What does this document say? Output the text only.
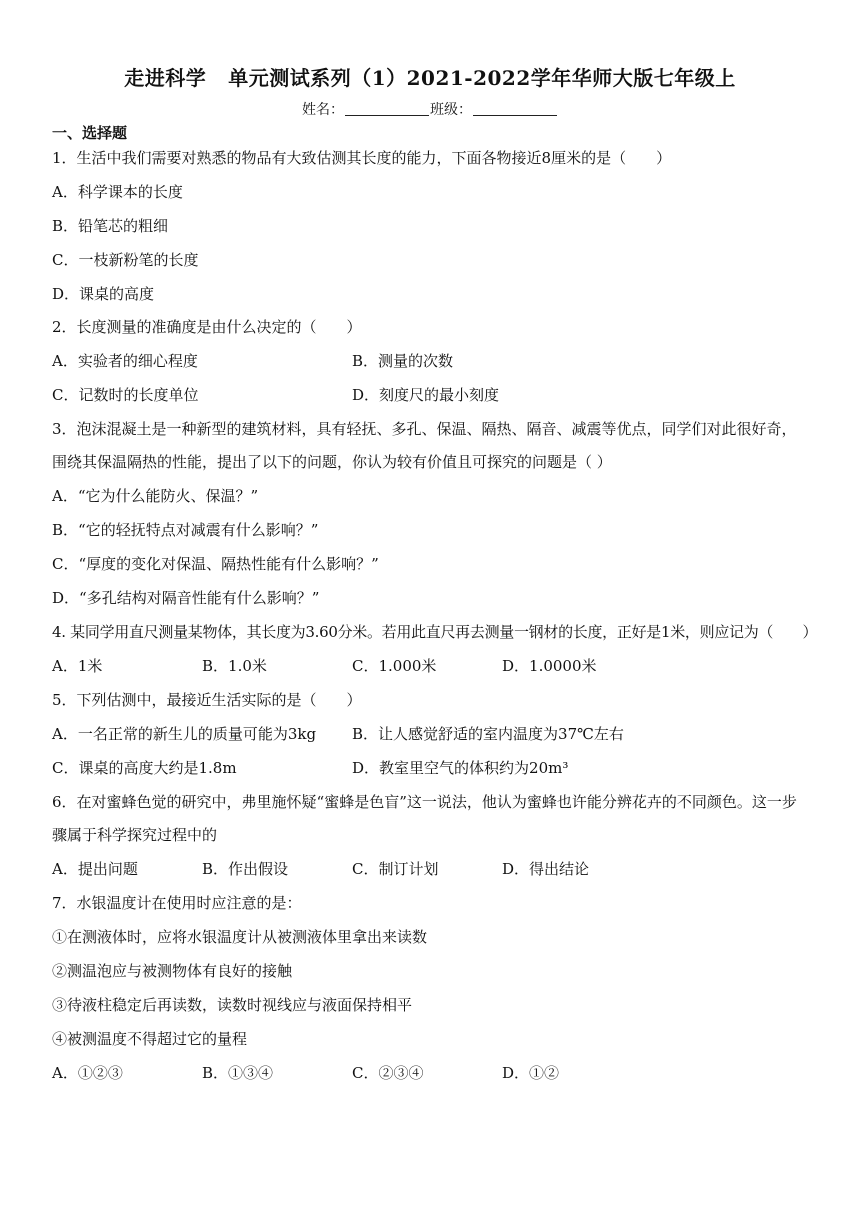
走进科学 单元测试系列（1）2021-2022学年华师大版七年级上
姓名：	班级：
一、选择题
1．生活中我们需要对熟悉的物品有大致估测其长度的能力，下面各物接近8厘米的是（　　）
A．科学课本的长度
B．铅笔芯的粗细
C．一枝新粉笔的长度
D．课桌的高度
2．长度测量的准确度是由什么决定的（　　）
A．实验者的细心程度	B．测量的次数
C．记数时的长度单位	D．刻度尺的最小刻度
3．泡沫混凝土是一种新型的建筑材料，具有轻抚、多孔、保温、隔热、隔音、减震等优点，同学们对此很好奇，
围绕其保温隔热的性能，提出了以下的问题，你认为较有价值且可探究的问题是（ ）
A．“它为什么能防火、保温？”
B．“它的轻抚特点对减震有什么影响？”
C．“厚度的变化对保温、隔热性能有什么影响？”
D．“多孔结构对隔音性能有什么影响？”
4. 某同学用直尺测量某物体，其长度为3.60分米。若用此直尺再去测量一钢材的长度，正好是1米，则应记为（　　）
A．1米	B．1.0米	C．1.000米	D．1.0000米
5．下列估测中，最接近生活实际的是（　　）
A．一名正常的新生儿的质量可能为3kg B．让人感觉舒适的室内温度为37℃左右
C．课桌的高度大约是1.8m	D．教室里空气的体积约为20m³
6．在对蜜蜂色觉的研究中，弗里施怀疑“蜜蜂是色盲”这一说法，他认为蜜蜂也许能分辨花卉的不同颜色。这一步
骤属于科学探究过程中的
A．提出问题	B．作出假设	C．制订计划	D．得出结论
7．水银温度计在使用时应注意的是：
①在测液体时，应将水银温度计从被测液体里拿出来读数
②测温泡应与被测物体有良好的接触
③待液柱稳定后再读数，读数时视线应与液面保持相平
④被测温度不得超过它的量程
A．①②③	B．①③④	C．②③④	D．①②
